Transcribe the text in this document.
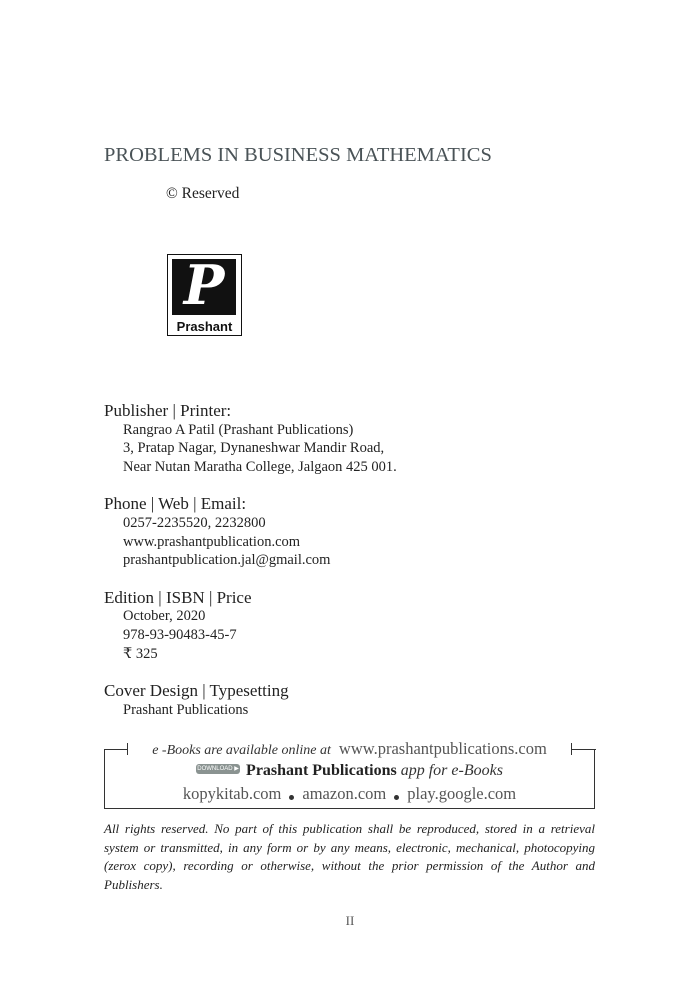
PROBLEMS IN BUSINESS MATHEMATICS
© Reserved
P
Prashant
Publisher | Printer:
Rangrao A Patil (Prashant Publications)
3, Pratap Nagar, Dynaneshwar Mandir Road,
Near Nutan Maratha College, Jalgaon 425 001.
Phone | Web | Email:
0257-2235520, 2232800
www.prashantpublication.com
prashantpublication.jal@gmail.com
Edition | ISBN | Price
October, 2020
978-93-90483-45-7
₹ 325
Cover Design | Typesetting
Prashant Publications
e -Books are available online at www.prashantpublications.com
DOWNLOAD ▶ Prashant Publications app for e-Books
kopykitab.com amazon.com play.google.com
All rights reserved. No part of this publication shall be reproduced, stored in a retrieval system or transmitted, in any form or by any means, electronic, mechanical, photocopying (zerox copy), recording or otherwise, without the prior permission of the Author and Publishers.
II
